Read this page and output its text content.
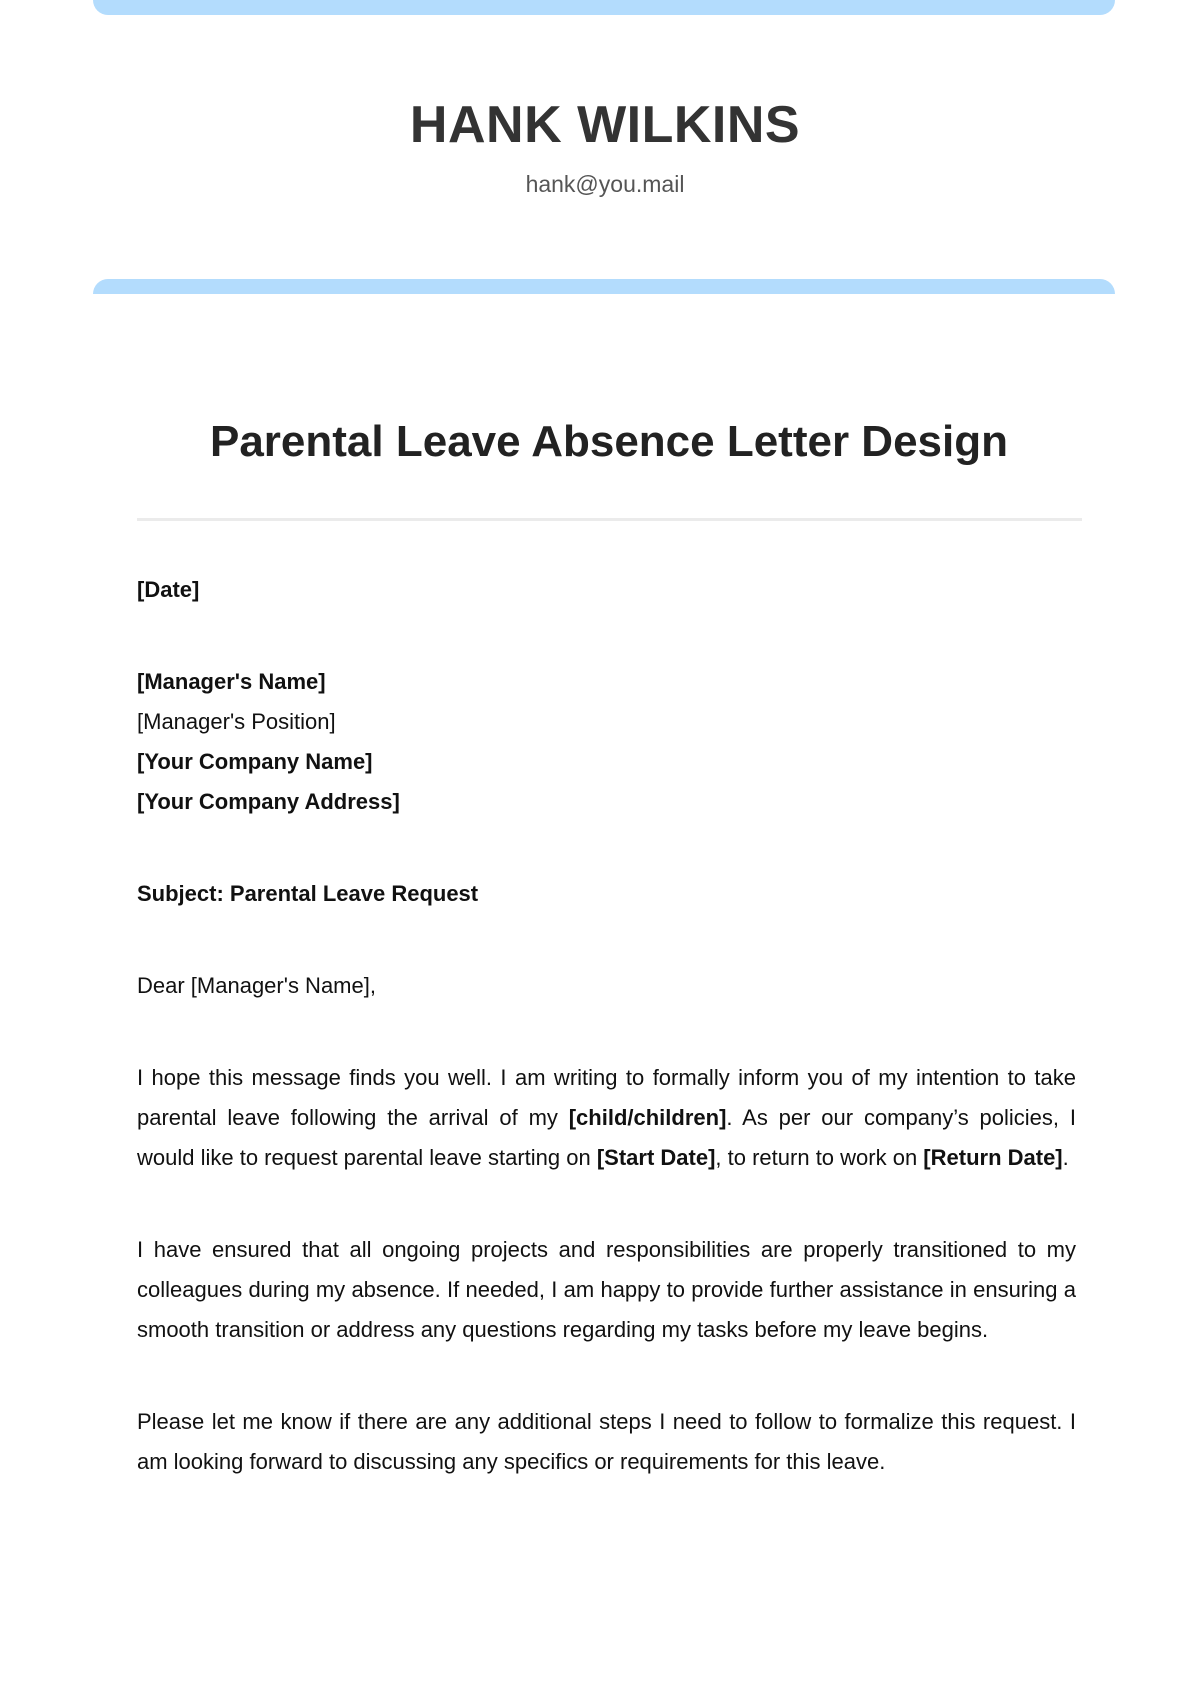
HANK WILKINS
hank@you.mail
Parental Leave Absence Letter Design

[Date]

[Manager's Name]

[Manager's Position]

[Your Company Name]

[Your Company Address]

Subject: Parental Leave Request

Dear [Manager's Name],

I hope this message finds you well. I am writing to formally inform you of my intention to take parental leave following the arrival of my [child/children]. As per our company’s policies, I would like to request parental leave starting on [Start Date], to return to work on [Return Date].

I have ensured that all ongoing projects and responsibilities are properly transitioned to my colleagues during my absence. If needed, I am happy to provide further assistance in ensuring a smooth transition or address any questions regarding my tasks before my leave begins.

Please let me know if there are any additional steps I need to follow to formalize this request. I am looking forward to discussing any specifics or requirements for this leave.
